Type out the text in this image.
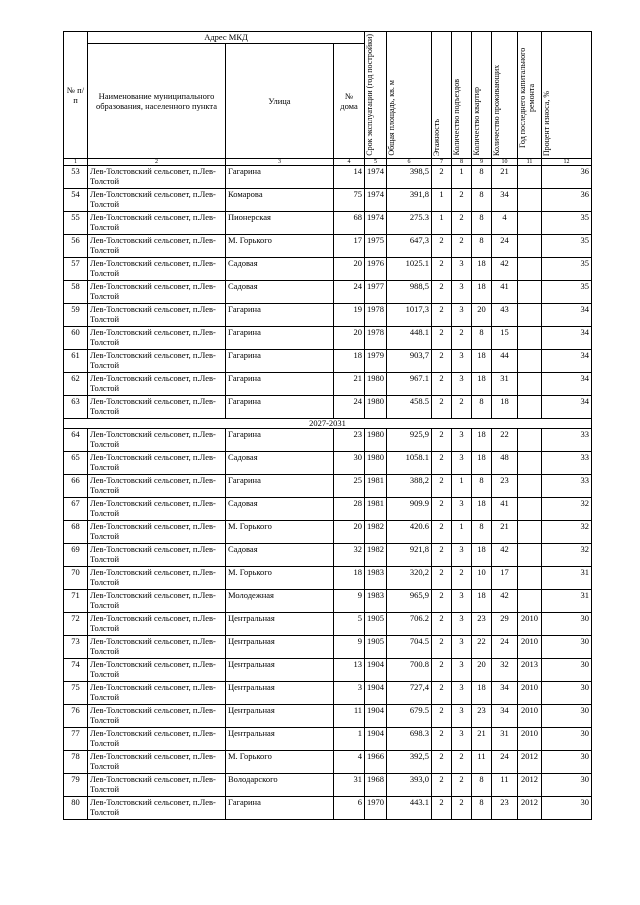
№ п/п	Адрес МКД			Срок эксплуатации (год постройки)	Общая площадь, кв. м	Этажность	Количество подъездов	Количество квартир	Количество проживающих	Год последнего капитального ремонта	Процент износа, %

	Наименование муниципального образования, населенного пункта	Улица	№ дома								
1	2	3	4	5	6	7	8	9	10	11	12
53	Лев-Толстовский сельсовет, п.Лев-Толстой	Гагарина	14	1974	398,5	2	1	8	21		36
54	Лев-Толстовский сельсовет, п.Лев-Толстой	Комарова	75	1974	391,8	1	2	8	34		36
55	Лев-Толстовский сельсовет, п.Лев-Толстой	Пионерская	68	1974	275.3	1	2	8	4		35
56	Лев-Толстовский сельсовет, п.Лев-Толстой	М. Горького	17	1975	647,3	2	2	8	24		35
57	Лев-Толстовский сельсовет, п.Лев-Толстой	Садовая	20	1976	1025.1	2	3	18	42		35
58	Лев-Толстовский сельсовет, п.Лев-Толстой	Садовая	24	1977	988,5	2	3	18	41		35
59	Лев-Толстовский сельсовет, п.Лев-Толстой	Гагарина	19	1978	1017,3	2	3	20	43		34
60	Лев-Толстовский сельсовет, п.Лев-Толстой	Гагарина	20	1978	448.1	2	2	8	15		34
61	Лев-Толстовский сельсовет, п.Лев-Толстой	Гагарина	18	1979	903,7	2	3	18	44		34
62	Лев-Толстовский сельсовет, п.Лев-Толстой	Гагарина	21	1980	967.1	2	3	18	31		34
63	Лев-Толстовский сельсовет, п.Лев-Толстой	Гагарина	24	1980	458.5	2	2	8	18		34
2027-2031											
64	Лев-Толстовский сельсовет, п.Лев-Толстой	Гагарина	23	1980	925,9	2	3	18	22		33
65	Лев-Толстовский сельсовет, п.Лев-Толстой	Садовая	30	1980	1058.1	2	3	18	48		33
66	Лев-Толстовский сельсовет, п.Лев-Толстой	Гагарина	25	1981	388,2	2	1	8	23		33
67	Лев-Толстовский сельсовет, п.Лев-Толстой	Садовая	28	1981	909.9	2	3	18	41		32
68	Лев-Толстовский сельсовет, п.Лев-Толстой	М. Горького	20	1982	420.6	2	1	8	21		32
69	Лев-Толстовский сельсовет, п.Лев-Толстой	Садовая	32	1982	921,8	2	3	18	42		32
70	Лев-Толстовский сельсовет, п.Лев-Толстой	М. Горького	18	1983	320,2	2	2	10	17		31
71	Лев-Толстовский сельсовет, п.Лев-Толстой	Молодежная	9	1983	965,9	2	3	18	42		31
72	Лев-Толстовский сельсовет, п.Лев-Толстой	Центральная	5	1905	706.2	2	3	23	29	2010	30
73	Лев-Толстовский сельсовет, п.Лев-Толстой	Центральная	9	1905	704.5	2	3	22	24	2010	30
74	Лев-Толстовский сельсовет, п.Лев-Толстой	Центральная	13	1904	700.8	2	3	20	32	2013	30
75	Лев-Толстовский сельсовет, п.Лев-Толстой	Центральная	3	1904	727,4	2	3	18	34	2010	30
76	Лев-Толстовский сельсовет, п.Лев-Толстой	Центральная	11	1904	679.5	2	3	23	34	2010	30
77	Лев-Толстовский сельсовет, п.Лев-Толстой	Центральная	1	1904	698.3	2	3	21	31	2010	30
78	Лев-Толстовский сельсовет, п.Лев-Толстой	М. Горького	4	1966	392,5	2	2	11	24	2012	30
79	Лев-Толстовский сельсовет, п.Лев-Толстой	Володарского	31	1968	393,0	2	2	8	11	2012	30
80	Лев-Толстовский сельсовет, п.Лев-Толстой	Гагарина	6	1970	443.1	2	2	8	23	2012	30
